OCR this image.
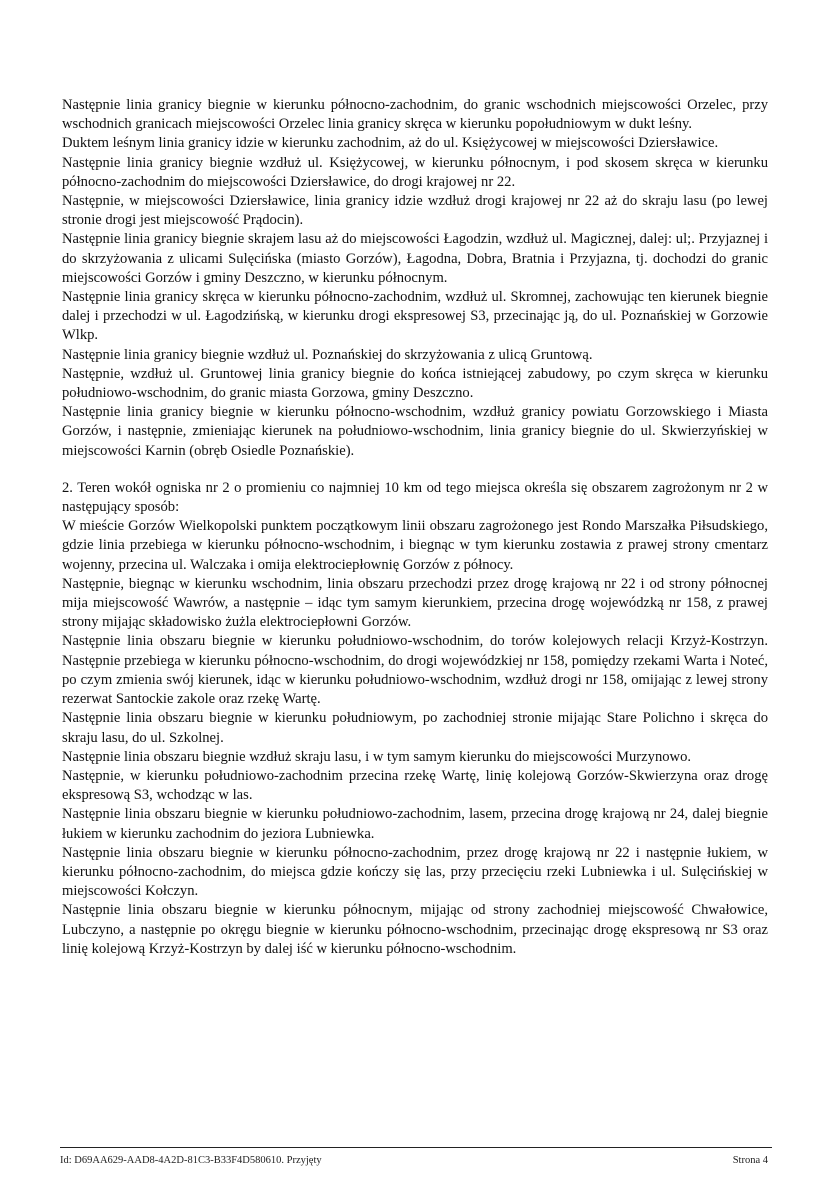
Następnie linia granicy biegnie w kierunku północno-zachodnim, do granic wschodnich miejscowości Orzelec, przy wschodnich granicach miejscowości Orzelec linia granicy skręca w kierunku popołudniowym w dukt leśny.

Duktem leśnym linia granicy idzie w kierunku zachodnim, aż do ul. Księżycowej w miejscowości Dziersławice.

Następnie linia granicy biegnie wzdłuż ul. Księżycowej, w kierunku północnym, i pod skosem skręca w kierunku północno-zachodnim do miejscowości Dziersławice, do drogi krajowej nr 22.

Następnie, w miejscowości Dziersławice, linia granicy idzie wzdłuż drogi krajowej nr 22 aż do skraju lasu (po lewej stronie drogi jest miejscowość Prądocin).

Następnie linia granicy biegnie skrajem lasu aż do miejscowości Łagodzin, wzdłuż ul. Magicznej, dalej: ul;. Przyjaznej i do skrzyżowania z ulicami Sulęcińska (miasto Gorzów), Łagodna, Dobra, Bratnia i Przyjazna, tj. dochodzi do granic miejscowości Gorzów i gminy Deszczno, w kierunku północnym.

Następnie linia granicy skręca w kierunku północno-zachodnim, wzdłuż ul. Skromnej, zachowując ten kierunek biegnie dalej i przechodzi w ul. Łagodzińską, w kierunku drogi ekspresowej S3, przecinając ją, do ul. Poznańskiej w Gorzowie Wlkp.

Następnie linia granicy biegnie wzdłuż ul. Poznańskiej do skrzyżowania z ulicą Gruntową.

Następnie, wzdłuż ul. Gruntowej linia granicy biegnie do końca istniejącej zabudowy, po czym skręca w kierunku południowo-wschodnim, do granic miasta Gorzowa, gminy Deszczno.

Następnie linia granicy biegnie w kierunku północno-wschodnim, wzdłuż granicy powiatu Gorzowskiego i Miasta Gorzów, i następnie, zmieniając kierunek na południowo-wschodnim, linia granicy biegnie do ul. Skwierzyńskiej w miejscowości Karnin (obręb Osiedle Poznańskie).

2. Teren wokół ogniska nr 2 o promieniu co najmniej 10 km od tego miejsca określa się obszarem zagrożonym nr 2 w następujący sposób:

W mieście Gorzów Wielkopolski punktem początkowym linii obszaru zagrożonego jest Rondo Marszałka Piłsudskiego, gdzie linia przebiega w kierunku północno-wschodnim, i biegnąc w tym kierunku zostawia z prawej strony cmentarz wojenny, przecina ul. Walczaka i omija elektrociepłownię Gorzów z północy.

Następnie, biegnąc w kierunku wschodnim, linia obszaru przechodzi przez drogę krajową nr 22 i od strony północnej mija miejscowość Wawrów, a następnie – idąc tym samym kierunkiem, przecina drogę wojewódzką nr 158, z prawej strony mijając składowisko żużla elektrociepłowni Gorzów.

Następnie linia obszaru biegnie w kierunku południowo-wschodnim, do torów kolejowych relacji Krzyż-Kostrzyn. Następnie przebiega w kierunku północno-wschodnim, do drogi wojewódzkiej nr 158, pomiędzy rzekami Warta i Noteć, po czym zmienia swój kierunek, idąc w kierunku południowo-wschodnim, wzdłuż drogi nr 158, omijając z lewej strony rezerwat Santockie zakole oraz rzekę Wartę.

Następnie linia obszaru biegnie w kierunku południowym, po zachodniej stronie mijając Stare Polichno i skręca do skraju lasu, do ul. Szkolnej.

Następnie linia obszaru biegnie wzdłuż skraju lasu, i w tym samym kierunku do miejscowości Murzynowo.

Następnie, w kierunku południowo-zachodnim przecina rzekę Wartę, linię kolejową Gorzów-Skwierzyna oraz drogę ekspresową S3, wchodząc w las.

Następnie linia obszaru biegnie w kierunku południowo-zachodnim, lasem, przecina drogę krajową nr 24, dalej biegnie łukiem w kierunku zachodnim do jeziora Lubniewka.

Następnie linia obszaru biegnie w kierunku północno-zachodnim, przez drogę krajową nr 22 i następnie łukiem, w kierunku północno-zachodnim, do miejsca gdzie kończy się las, przy przecięciu rzeki Lubniewka i ul. Sulęcińskiej w miejscowości Kołczyn.

Następnie linia obszaru biegnie w kierunku północnym, mijając od strony zachodniej miejscowość Chwałowice, Lubczyno, a następnie po okręgu biegnie w kierunku północno-wschodnim, przecinając drogę ekspresową nr S3 oraz linię kolejową Krzyż-Kostrzyn by dalej iść w kierunku północno-wschodnim.

Id: D69AA629-AAD8-4A2D-81C3-B33F4D580610. Przyjęty	Strona 4
